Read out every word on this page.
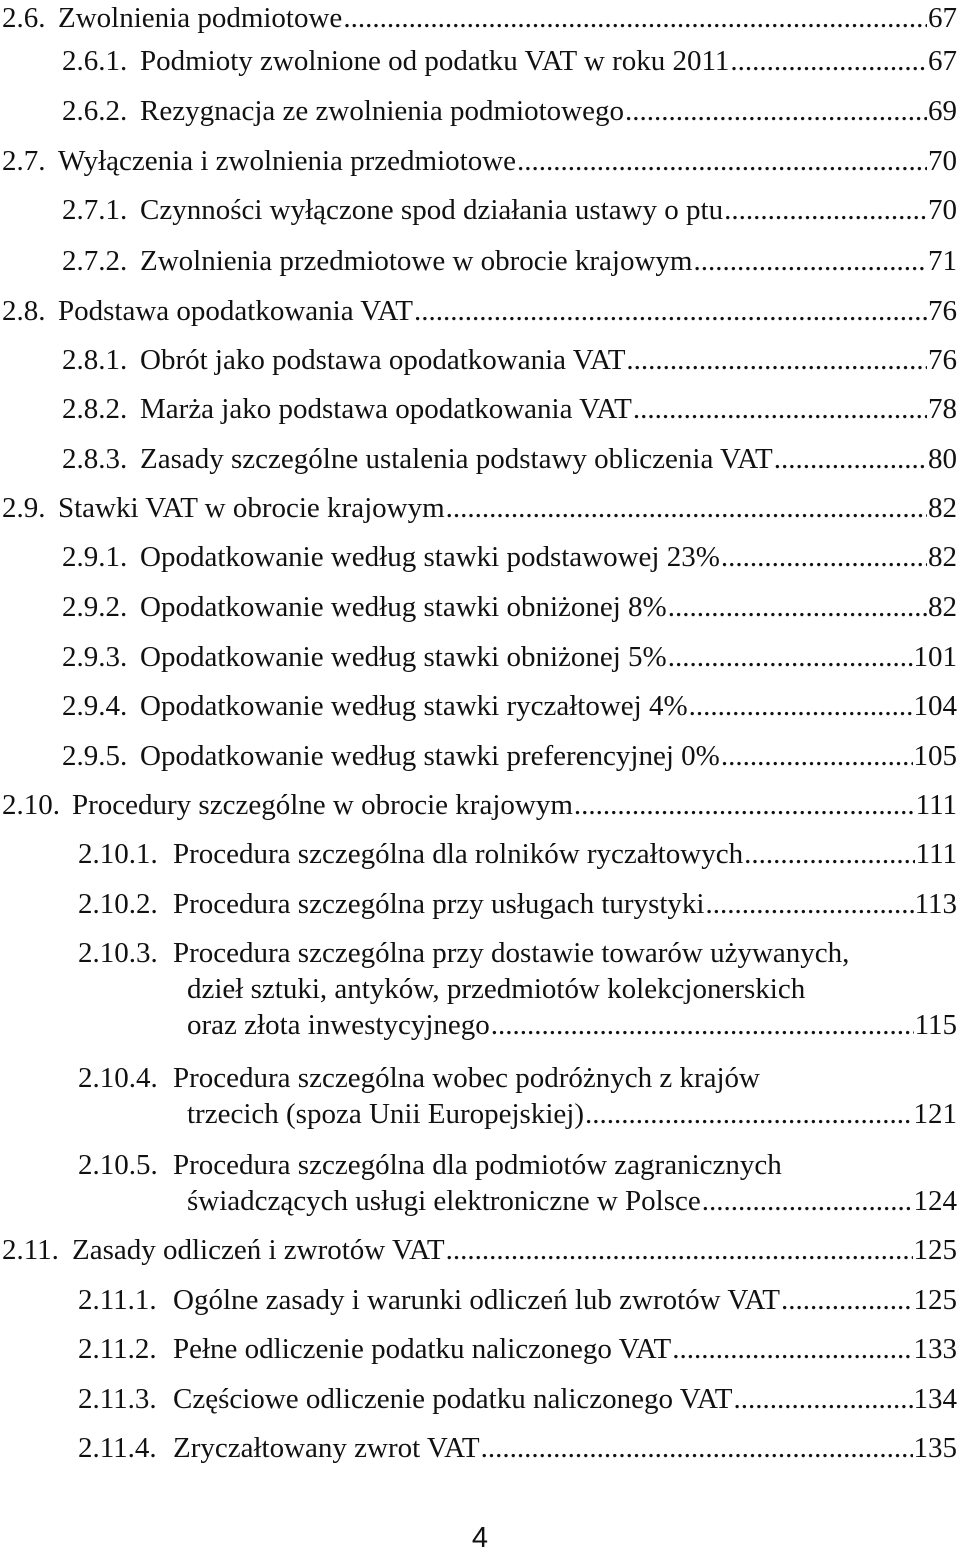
2.6. Zwolnienia podmiotowe .....	67
2.6.1. Podmioty zwolnione od podatku VAT w roku 2011 .....	67
2.6.2. Rezygnacja ze zwolnienia podmiotowego .....	69
2.7. Wyłączenia i zwolnienia przedmiotowe .....	70
2.7.1. Czynności wyłączone spod działania ustawy o ptu .....	70
2.7.2. Zwolnienia przedmiotowe w obrocie krajowym .....	71
2.8. Podstawa opodatkowania VAT .....	76
2.8.1. Obrót jako podstawa opodatkowania VAT .....	76
2.8.2. Marża jako podstawa opodatkowania VAT .....	78
2.8.3. Zasady szczególne ustalenia podstawy obliczenia VAT .....	80
2.9. Stawki VAT w obrocie krajowym .....	82
2.9.1. Opodatkowanie według stawki podstawowej 23% .....	82
2.9.2. Opodatkowanie według stawki obniżonej 8% .....	82
2.9.3. Opodatkowanie według stawki obniżonej 5% .....	101
2.9.4. Opodatkowanie według stawki ryczałtowej 4% .....	104
2.9.5. Opodatkowanie według stawki preferencyjnej 0% .....	105
2.10. Procedury szczególne w obrocie krajowym .....	111
2.10.1. Procedura szczególna dla rolników ryczałtowych .....	111
2.10.2. Procedura szczególna przy usługach turystyki .....	113
2.10.3. Procedura szczególna przy dostawie towarów używanych,
dzieł sztuki, antyków, przedmiotów kolekcjonerskich
oraz złota inwestycyjnego .....	115
2.10.4. Procedura szczególna wobec podróżnych z krajów
trzecich (spoza Unii Europejskiej) .....	121
2.10.5. Procedura szczególna dla podmiotów zagranicznych
świadczących usługi elektroniczne w Polsce .....	124
2.11. Zasady odliczeń i zwrotów VAT .....	125
2.11.1. Ogólne zasady i warunki odliczeń lub zwrotów VAT .....	125
2.11.2. Pełne odliczenie podatku naliczonego VAT .....	133
2.11.3. Częściowe odliczenie podatku naliczonego VAT .....	134
2.11.4. Zryczałtowany zwrot VAT .....	135
4
